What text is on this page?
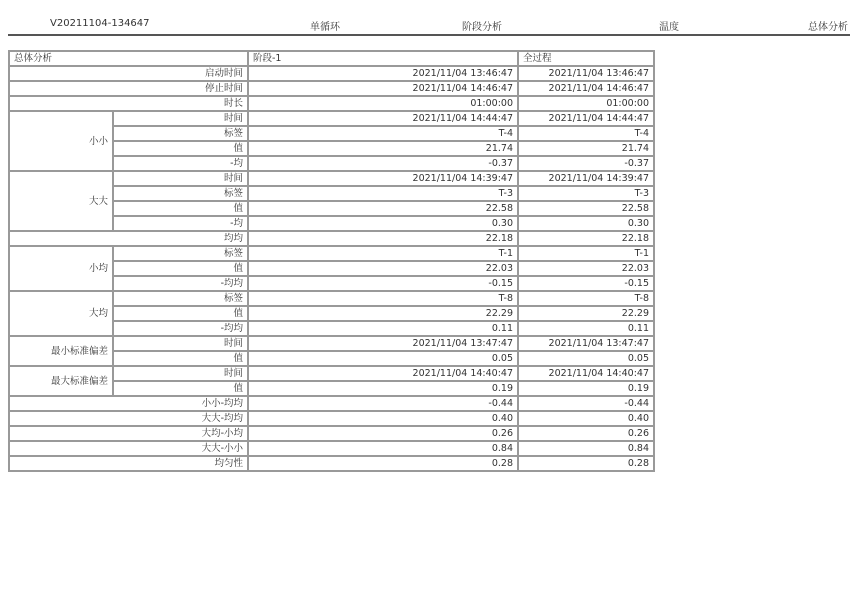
V20211104-134647	单循环	阶段分析	温度	总体分析
总体分析		阶段-1	全过程
启动时间		2021/11/04 13:46:47	2021/11/04 13:46:47
停止时间		2021/11/04 14:46:47	2021/11/04 14:46:47
时长		01:00:00	01:00:00
小小	时间	2021/11/04 14:44:47	2021/11/04 14:44:47
	标签	T-4	T-4
	值	21.74	21.74
	-均	-0.37	-0.37
大大	时间	2021/11/04 14:39:47	2021/11/04 14:39:47
	标签	T-3	T-3
	值	22.58	22.58
	-均	0.30	0.30
均均		22.18	22.18
小均	标签	T-1	T-1
	值	22.03	22.03
	-均均	-0.15	-0.15
大均	标签	T-8	T-8
	值	22.29	22.29
	-均均	0.11	0.11
最小标准偏差	时间	2021/11/04 13:47:47	2021/11/04 13:47:47
	值	0.05	0.05
最大标准偏差	时间	2021/11/04 14:40:47	2021/11/04 14:40:47
	值	0.19	0.19
小小-均均		-0.44	-0.44
大大-均均		0.40	0.40
大均-小均		0.26	0.26
大大-小小		0.84	0.84
均匀性		0.28	0.28
